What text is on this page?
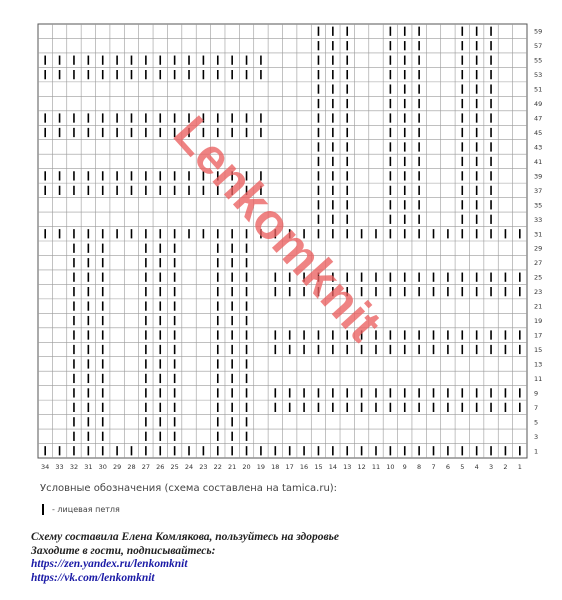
59
57
55
53
51
49
47
45
43
41
39
37
35
33
31
29
27
25
23
21
19
17
15
13
11
9
7
5
3
1
34 33 32 31 30 29 28 27 26 25 24 23 22 21 20 19 18 17 16 15 14 13 12 11 10 9 8 7 6 5 4 3 2 1
Lenkomknit
Условные обозначения (схема составлена на tamica.ru):
- лицевая петля
Схему составила Елена Комлякова, пользуйтесь на здоровье
Заходите в гости, подписывайтесь:
https://zen.yandex.ru/lenkomknit
https://vk.com/lenkomknit
